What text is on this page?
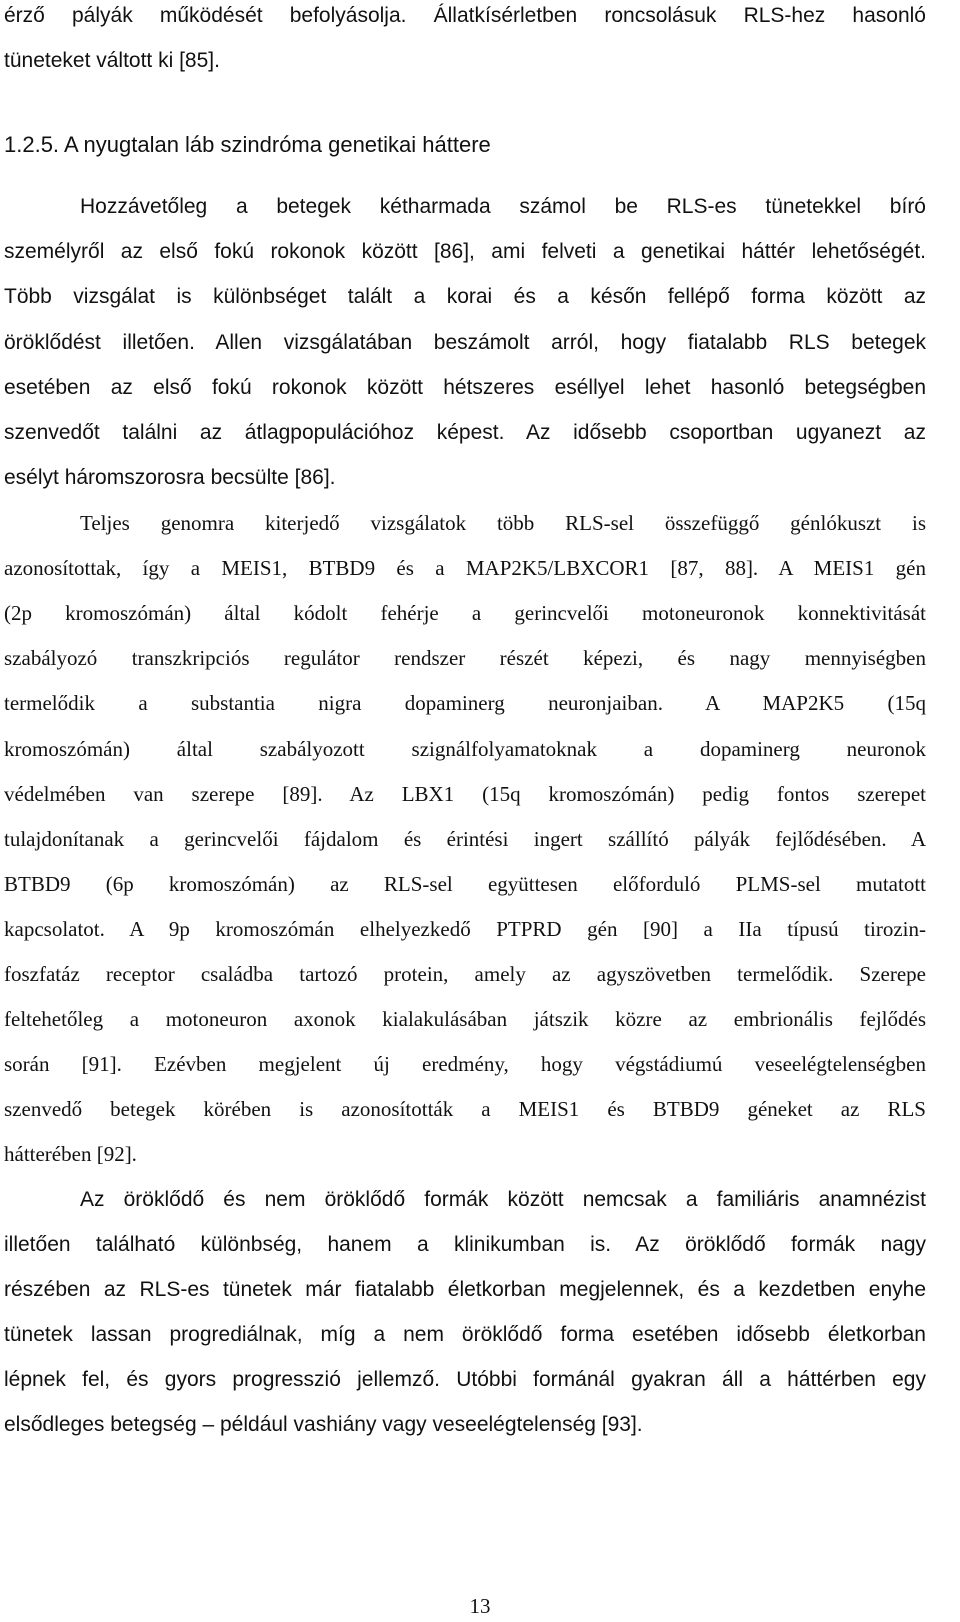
érző pályák működését befolyásolja. Állatkísérletben roncsolásuk RLS-hez hasonló
tüneteket váltott ki [85].
1.2.5. A nyugtalan láb szindróma genetikai háttere
Hozzávetőleg a betegek kétharmada számol be RLS-es tünetekkel bíró
személyről az első fokú rokonok között [86], ami felveti a genetikai háttér lehetőségét.
Több vizsgálat is különbséget talált a korai és a későn fellépő forma között az
öröklődést illetően. Allen vizsgálatában beszámolt arról, hogy fiatalabb RLS betegek
esetében az első fokú rokonok között hétszeres eséllyel lehet hasonló betegségben
szenvedőt találni az átlagpopulációhoz képest. Az idősebb csoportban ugyanezt az
esélyt háromszorosra becsülte [86].
Teljes genomra kiterjedő vizsgálatok több RLS-sel összefüggő génlókuszt is
azonosítottak, így a MEIS1, BTBD9 és a MAP2K5/LBXCOR1 [87, 88]. A MEIS1 gén
(2p kromoszómán) által kódolt fehérje a gerincvelői motoneuronok konnektivitását
szabályozó transzkripciós regulátor rendszer részét képezi, és nagy mennyiségben
termelődik a substantia nigra dopaminerg neuronjaiban. A MAP2K5 (15q
kromoszómán) által szabályozott szignálfolyamatoknak a dopaminerg neuronok
védelmében van szerepe [89]. Az LBX1 (15q kromoszómán) pedig fontos szerepet
tulajdonítanak a gerincvelői fájdalom és érintési ingert szállító pályák fejlődésében. A
BTBD9 (6p kromoszómán) az RLS-sel együttesen előforduló PLMS-sel mutatott
kapcsolatot. A 9p kromoszómán elhelyezkedő PTPRD gén [90] a IIa típusú tirozin-
foszfatáz receptor családba tartozó protein, amely az agyszövetben termelődik. Szerepe
feltehetőleg a motoneuron axonok kialakulásában játszik közre az embrionális fejlődés
során [91]. Ezévben megjelent új eredmény, hogy végstádiumú veseelégtelenségben
szenvedő betegek körében is azonosították a MEIS1 és BTBD9 géneket az RLS
hátterében [92].
Az öröklődő és nem öröklődő formák között nemcsak a familiáris anamnézist
illetően található különbség, hanem a klinikumban is. Az öröklődő formák nagy
részében az RLS-es tünetek már fiatalabb életkorban megjelennek, és a kezdetben enyhe
tünetek lassan progrediálnak, míg a nem öröklődő forma esetében idősebb életkorban
lépnek fel, és gyors progresszió jellemző. Utóbbi formánál gyakran áll a háttérben egy
elsődleges betegség – például vashiány vagy veseelégtelenség [93].
13
